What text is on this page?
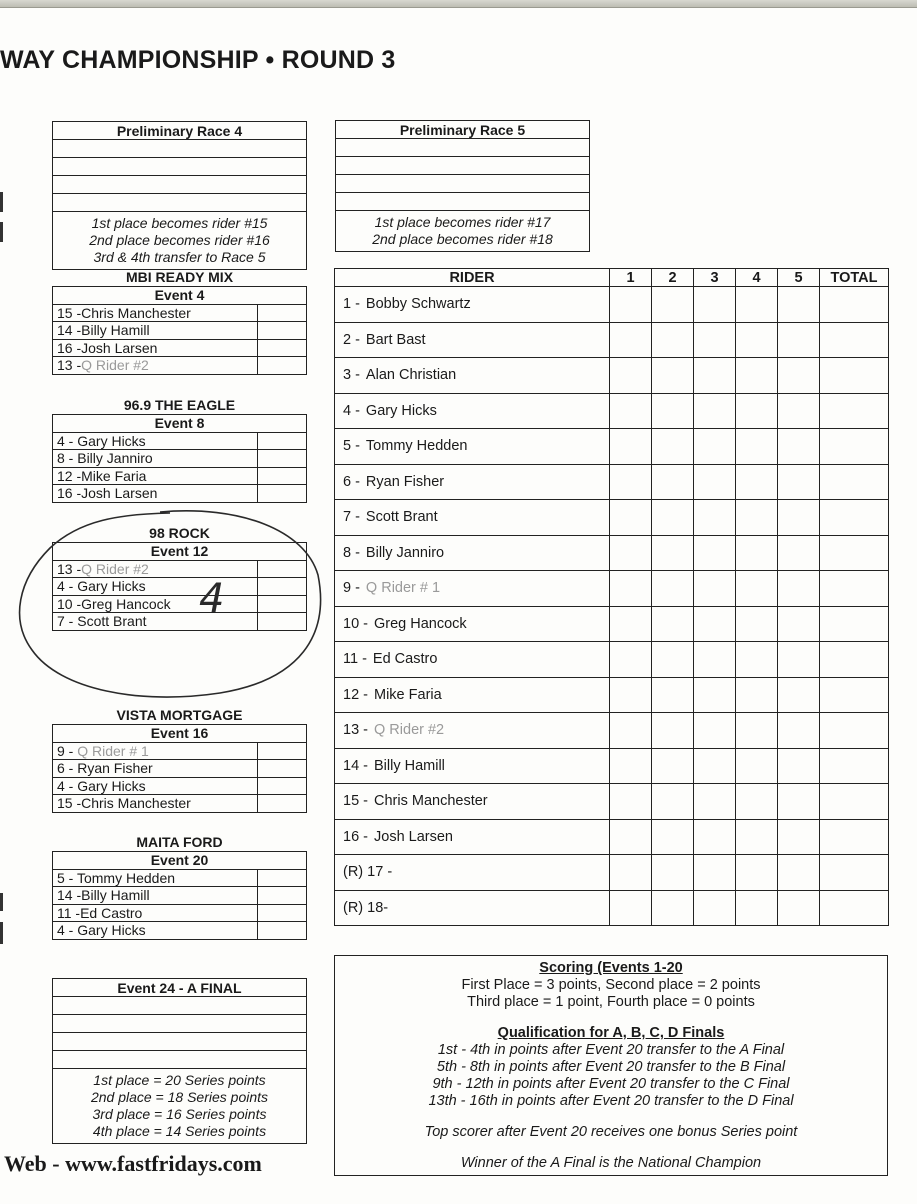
WAY CHAMPIONSHIP • ROUND 3
Preliminary Race 4

1st place becomes rider #15
2nd place becomes rider #16
3rd & 4th transfer to Race 5
Preliminary Race 5

1st place becomes rider #17
2nd place becomes rider #18
MBI READY MIX
Event 4	
15 -Chris Manchester	
14 -Billy Hamill	
16 -Josh Larsen	
13 -Q Rider #2	
96.9 THE EAGLE
Event 8	
4 - Gary Hicks	
8 - Billy Janniro	
12 -Mike Faria	
16 -Josh Larsen	
98 ROCK
Event 12	
13 -Q Rider #2	
4 - Gary Hicks	
10 -Greg Hancock	
7 - Scott Brant	4
VISTA MORTGAGE
Event 16	
9 - Q Rider # 1	
6 - Ryan Fisher	
4 - Gary Hicks	
15 -Chris Manchester	
MAITA FORD
Event 20	
5 - Tommy Hedden	
14 -Billy Hamill	
11 -Ed Castro	
4 - Gary Hicks	
Event 24 - A FINAL

1st place = 20 Series points
2nd place = 18 Series points
3rd place = 16 Series points
4th place = 14 Series points
RIDER	1	2	3	4	5	TOTAL
1 - Bobby Schwartz						
2 - Bart Bast						
3 - Alan Christian						
4 - Gary Hicks						
5 - Tommy Hedden						
6 - Ryan Fisher						
7 - Scott Brant						
8 - Billy Janniro						
9 - Q Rider # 1						
10 - Greg Hancock						
11 - Ed Castro						
12 - Mike Faria						
13 - Q Rider #2						
14 - Billy Hamill						
15 - Chris Manchester						
16 - Josh Larsen						
(R) 17 -						
(R) 18-						
Scoring (Events 1-20
First Place = 3 points, Second place = 2 points
Third place = 1 point, Fourth place = 0 points
Qualification for A, B, C, D Finals
1st - 4th in points after Event 20 transfer to the A Final
5th - 8th in points after Event 20 transfer to the B Final
9th - 12th in points after Event 20 transfer to the C Final
13th - 16th in points after Event 20 transfer to the D Final
Top scorer after Event 20 receives one bonus Series point
Winner of the A Final is the National Champion
Web - www.fastfridays.com
